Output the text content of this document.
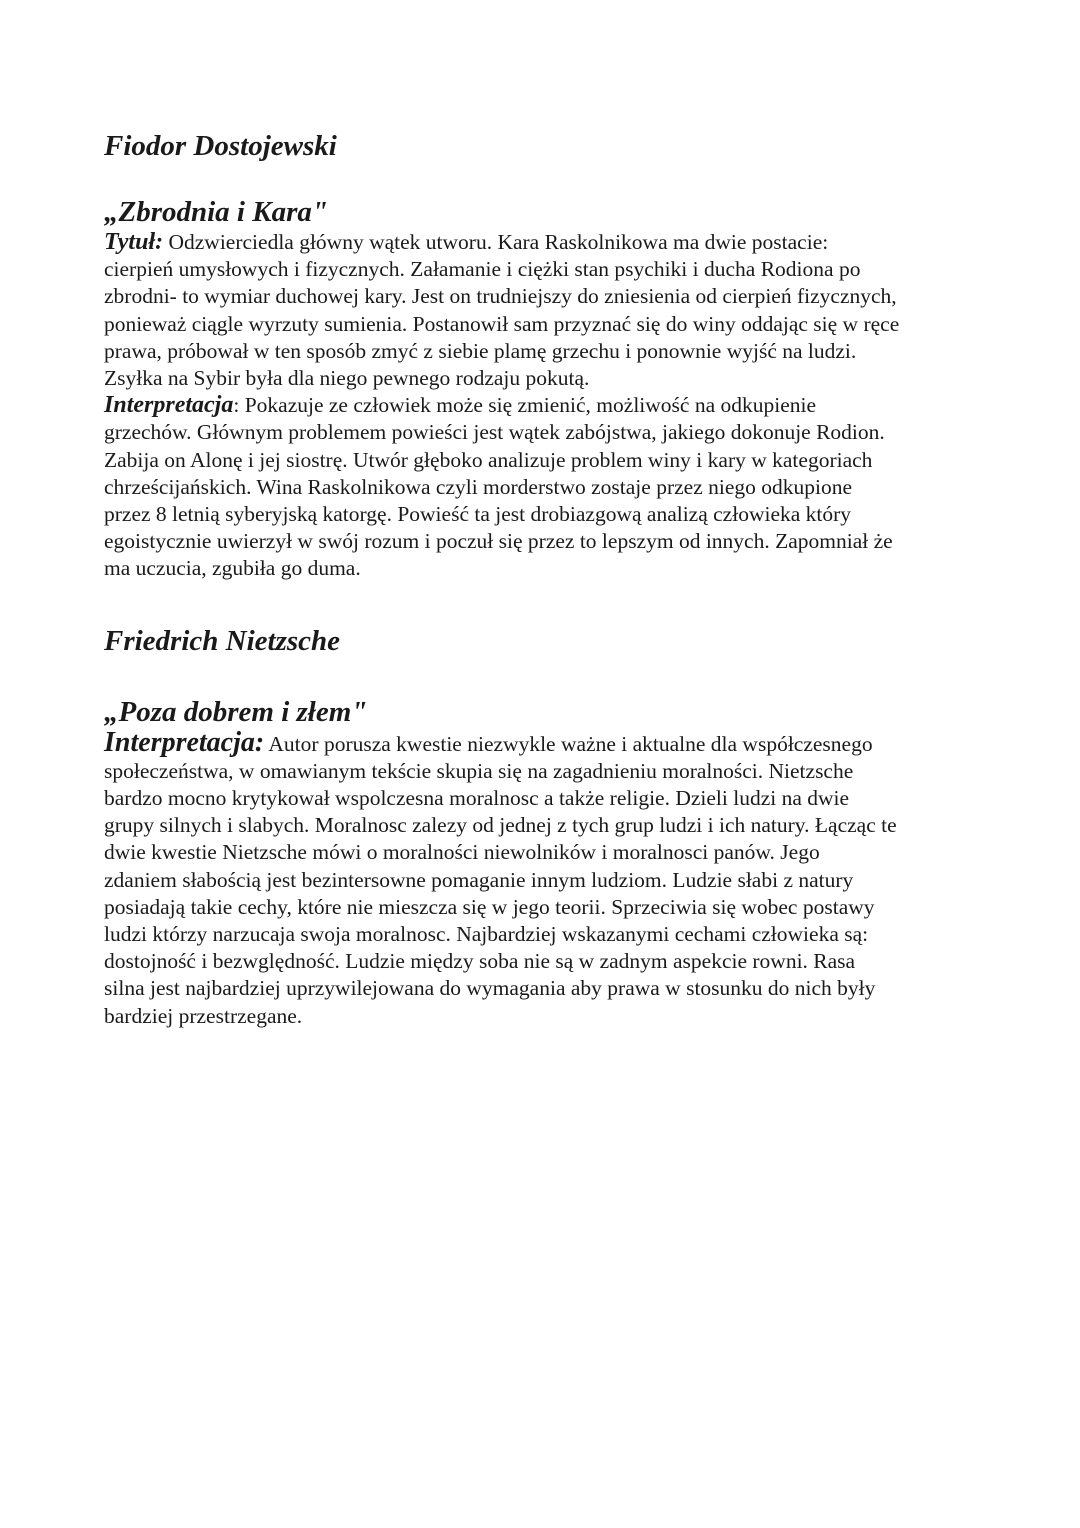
Fiodor Dostojewski
„Zbrodnia i Kara"
Tytuł: Odzwierciedla główny wątek utworu. Kara Raskolnikowa ma dwie postacie:
cierpień umysłowych i fizycznych. Załamanie i ciężki stan psychiki i ducha Rodiona po
zbrodni- to wymiar duchowej kary. Jest on trudniejszy do zniesienia od cierpień fizycznych,
ponieważ ciągle wyrzuty sumienia. Postanowił sam przyznać się do winy oddając się w ręce
prawa, próbował w ten sposób zmyć z siebie plamę grzechu i ponownie wyjść na ludzi.
Zsyłka na Sybir była dla niego pewnego rodzaju pokutą.
Interpretacja: Pokazuje ze człowiek może się zmienić, możliwość na odkupienie
grzechów. Głównym problemem powieści jest wątek zabójstwa, jakiego dokonuje Rodion.
Zabija on Alonę i jej siostrę. Utwór głęboko analizuje problem winy i kary w kategoriach
chrześcijańskich. Wina Raskolnikowa czyli morderstwo zostaje przez niego odkupione
przez 8 letnią syberyjską katorgę. Powieść ta jest drobiazgową analizą człowieka który
egoistycznie uwierzył w swój rozum i poczuł się przez to lepszym od innych. Zapomniał że
ma uczucia, zgubiła go duma.
Friedrich Nietzsche
„Poza dobrem i złem"
Interpretacja: Autor porusza kwestie niezwykle ważne i aktualne dla współczesnego
społeczeństwa, w omawianym tekście skupia się na zagadnieniu moralności. Nietzsche
bardzo mocno krytykował wspolczesna moralnosc a także religie. Dzieli ludzi na dwie
grupy silnych i slabych. Moralnosc zalezy od jednej z tych grup ludzi i ich natury. Łącząc te
dwie kwestie Nietzsche mówi o moralności niewolników i moralnosci panów. Jego
zdaniem słabością jest bezintersowne pomaganie innym ludziom. Ludzie słabi z natury
posiadają takie cechy, które nie mieszcza się w jego teorii. Sprzeciwia się wobec postawy
ludzi którzy narzucaja swoja moralnosc. Najbardziej wskazanymi cechami człowieka są:
dostojność i bezwględność. Ludzie między soba nie są w zadnym aspekcie rowni. Rasa
silna jest najbardziej uprzywilejowana do wymagania aby prawa w stosunku do nich były
bardziej przestrzegane.
